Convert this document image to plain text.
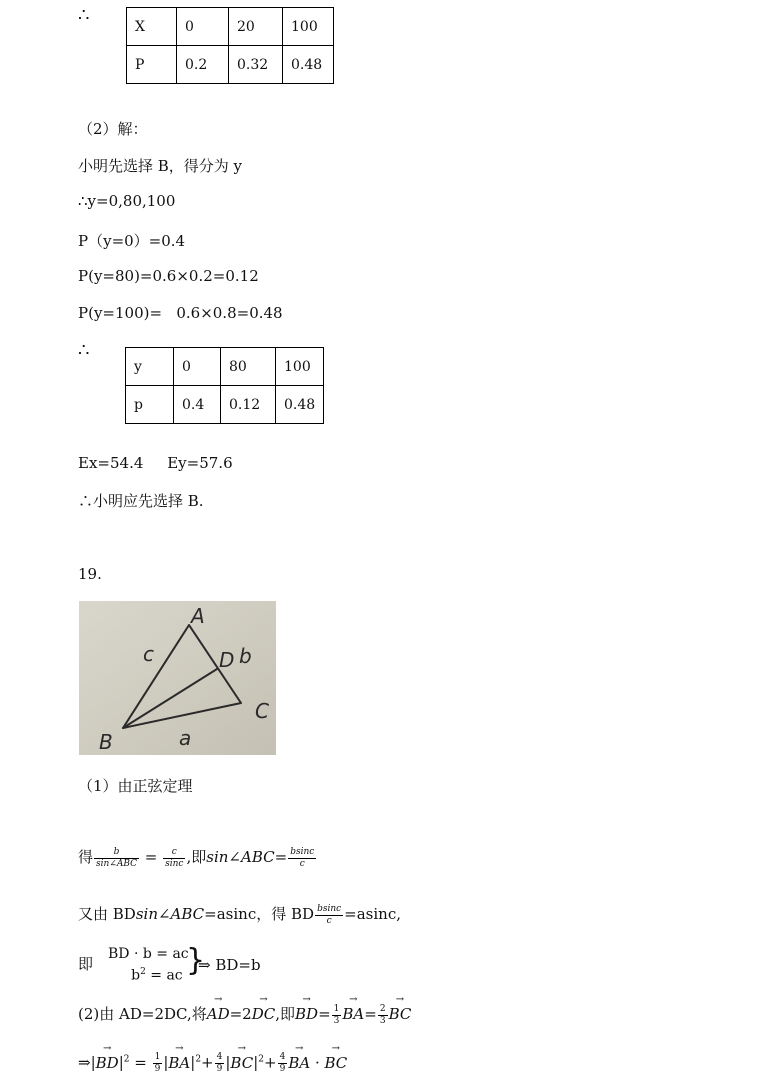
∴
X	0	20	100
P	0.2	0.32	0.48
（2）解：
小明先选择 B，得分为 y
∴y=0,80,100
P（y=0）=0.4
P(y=80)=0.6×0.2=0.12
P(y=100)=   0.6×0.8=0.48
∴
y	0	80	100
p	0.4	0.12	0.48
Ex=54.4     Ey=57.6
∴小明应先选择 B.
19.
A
B
C
D
a
b
c
（1）由正弦定理
得 $\frac{b}{\text{sin∠ABC}} = \frac{c}{\sin c}$ ,即sin∠ABC= $\frac{bsinc}{c}$
又由 BDsin∠ABC=asinc，得 BD $\frac{bsinc}{c} =asinc$,
即
BD · b = ac
$b^2$ = ac }
⇒ BD=b
(2)由 AD=2DC,将→ AD=2→ DC,即→ $BD= \frac{1}{3} \to BA= \frac{2}{3}$ → BC
⇒|→ $BD|^2 = \frac{1}{9}$ |→ $BA|^2+ \frac{4}{9}$ |→ $BC|^2+ \frac{4}{9}$ → BA · → BC
